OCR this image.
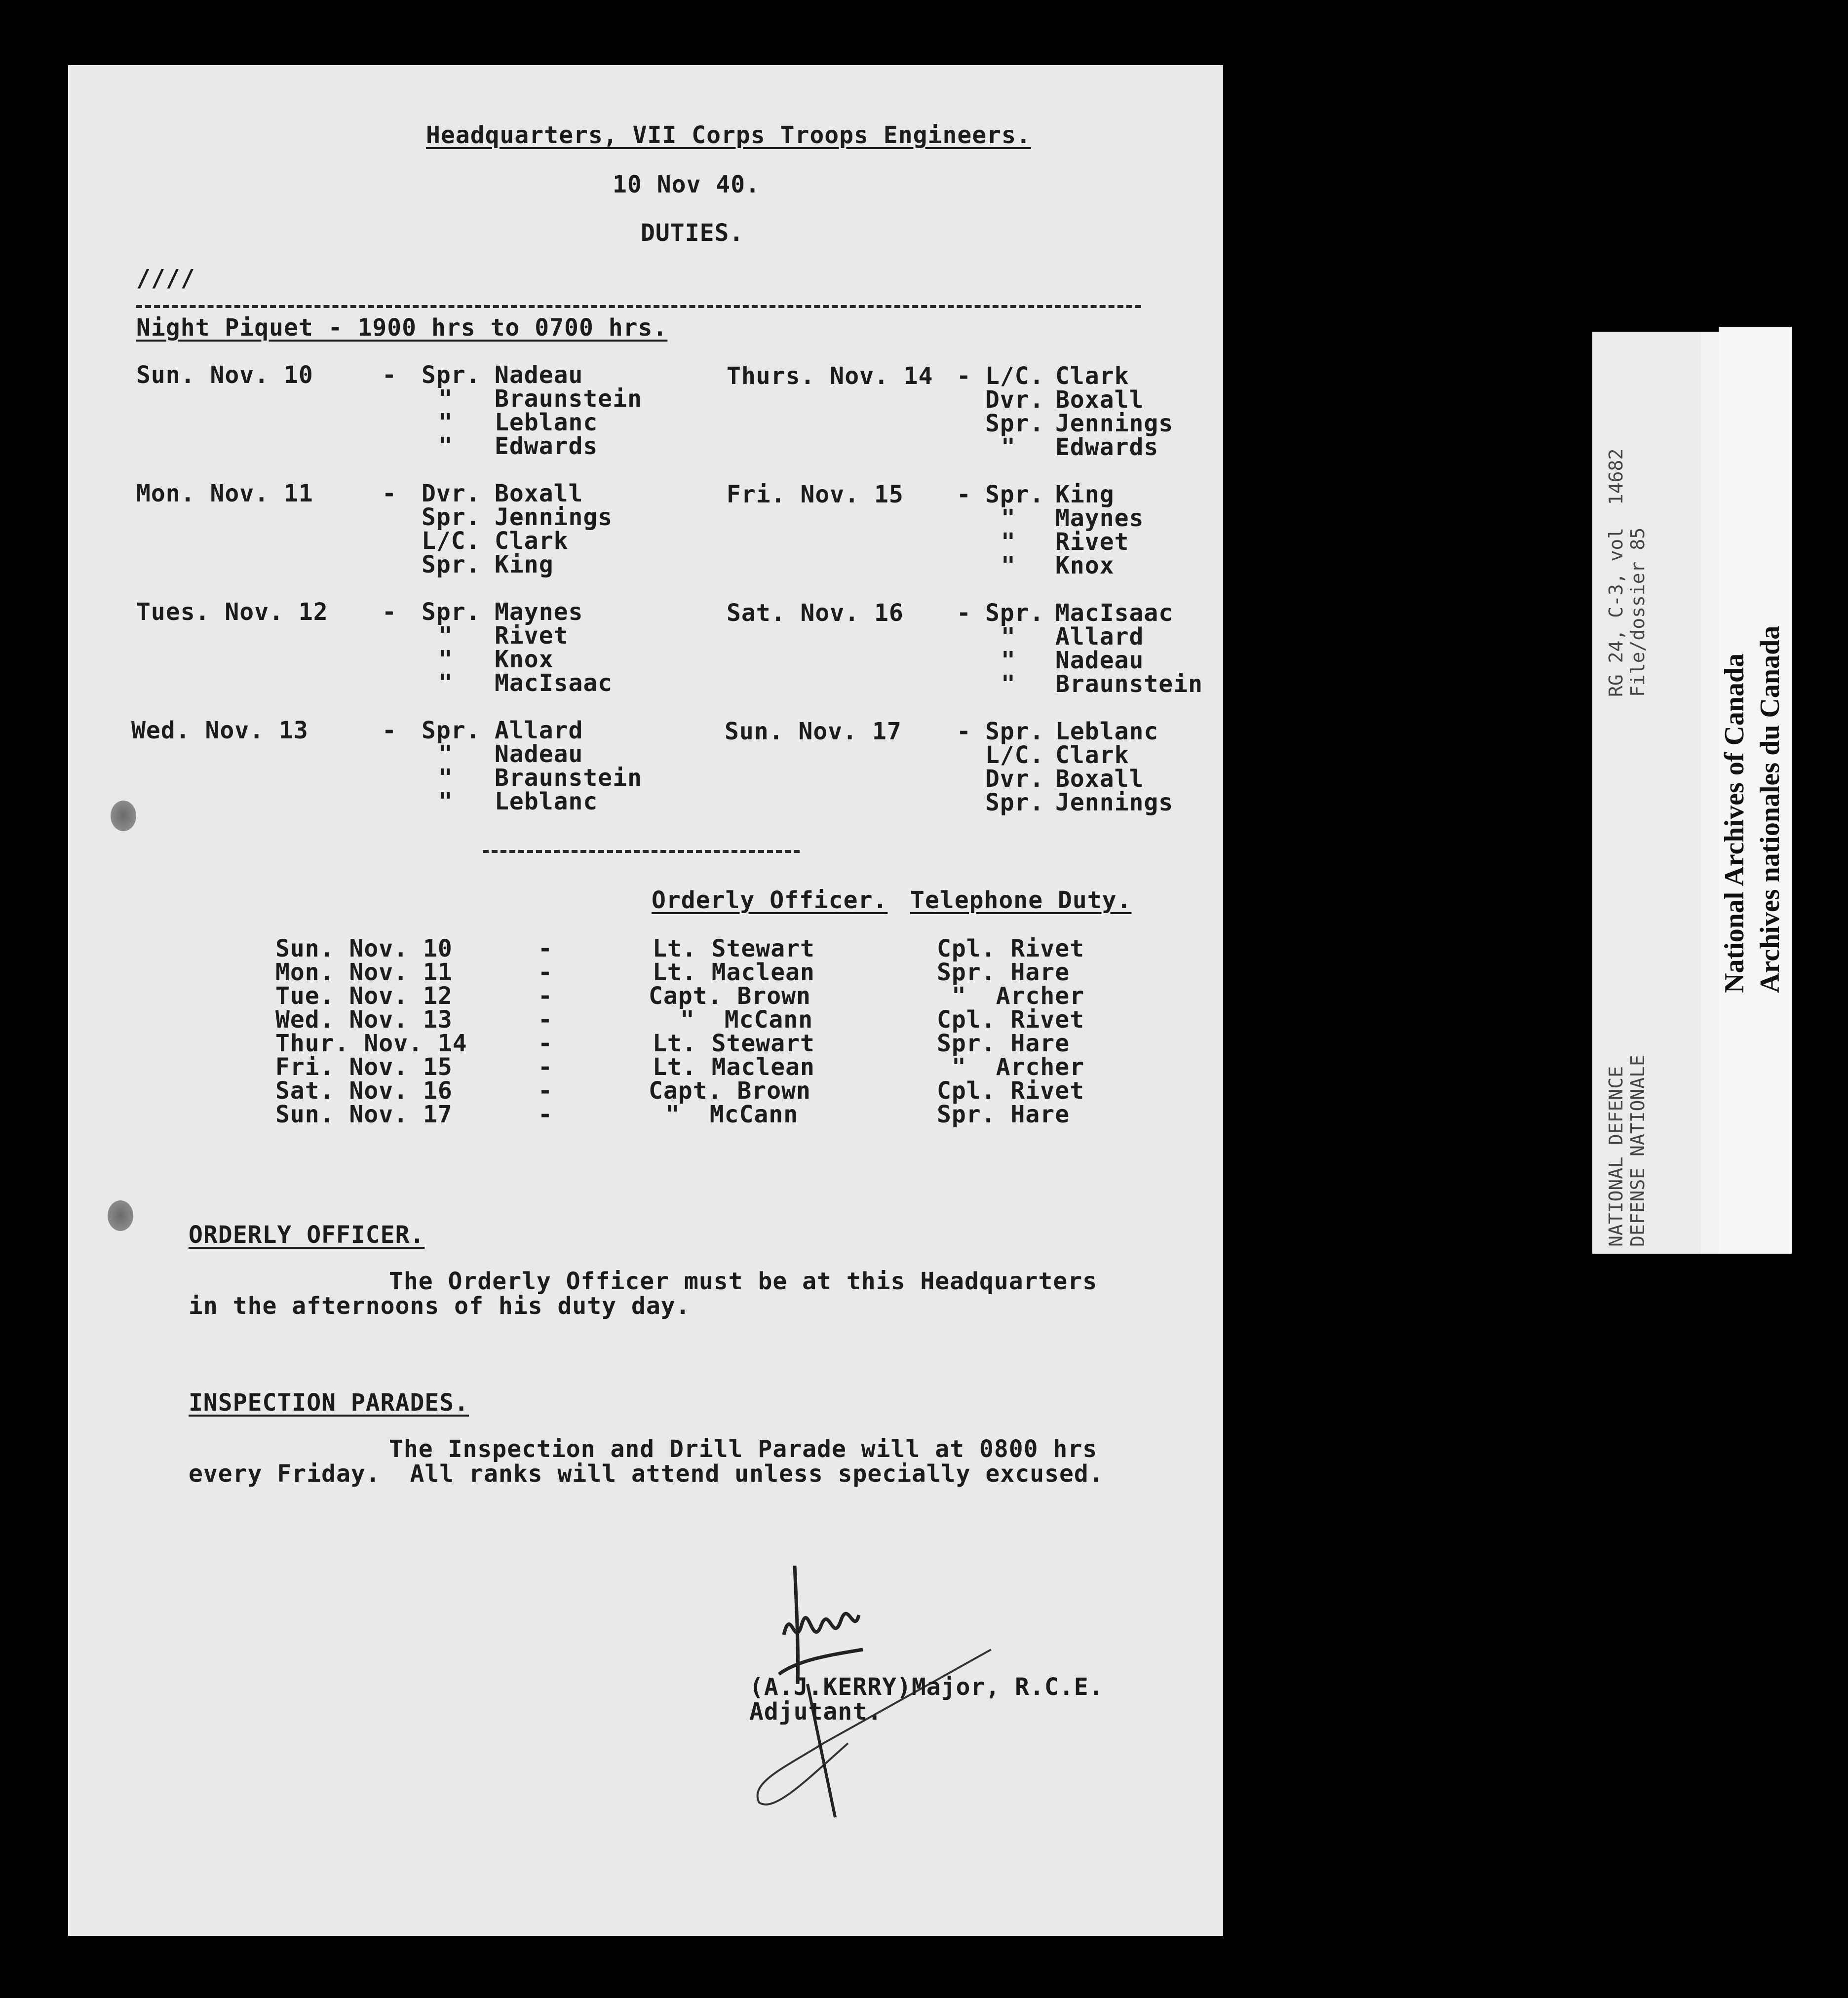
Headquarters, VII Corps Troops Engineers.
10 Nov 40.
DUTIES.
////
Night Piquet - 1900 hrs to 0700 hrs.
Sun. Nov. 10	- Spr. Nadeau
" Braunstein
" Leblanc
" Edwards
Mon. Nov. 11	- Dvr. Boxall
Spr. Jennings
L/C. Clark
Spr. King
Tues. Nov. 12 - Spr. Maynes
" Rivet
" Knox
" MacIsaac
Wed. Nov. 13	- Spr. Allard
" Nadeau
" Braunstein
" Leblanc
Thurs. Nov. 14 - L/C. Clark
Dvr. Boxall
Spr. Jennings
" Edwards
Fri. Nov. 15 - Spr. King
" Maynes
" Rivet
" Knox
Sat. Nov. 16 - Spr. MacIsaac
" Allard
" Nadeau
" Braunstein
Sun. Nov. 17 - Spr. Leblanc
L/C. Clark
Dvr. Boxall
Spr. Jennings
Orderly Officer. Telephone Duty.
Sun. Nov. 10	-	Lt. Stewart	Cpl. Rivet
Mon. Nov. 11	-	Lt. Maclean	Spr. Hare
Tue. Nov. 12	-	Capt. Brown	"  Archer
Wed. Nov. 13	-	"  McCann	Cpl. Rivet
Thur. Nov. 14	-	Lt. Stewart	Spr. Hare
Fri. Nov. 15	-	Lt. Maclean	"  Archer
Sat. Nov. 16	-	Capt. Brown	Cpl. Rivet
Sun. Nov. 17	-	"  McCann	Spr. Hare
ORDERLY OFFICER.
The Orderly Officer must be at this Headquarters
in the afternoons of his duty day.
INSPECTION PARADES.
The Inspection and Drill Parade will at 0800 hrs
every Friday.  All ranks will attend unless specially excused.
(A.J.KERRY)Major, R.C.E.
Adjutant.
RG 24, C-3, vol  14682 File/dossier 85
NATIONAL DEFENCE DEFENSE NATIONALE
National Archives of Canada Archives nationales du Canada
